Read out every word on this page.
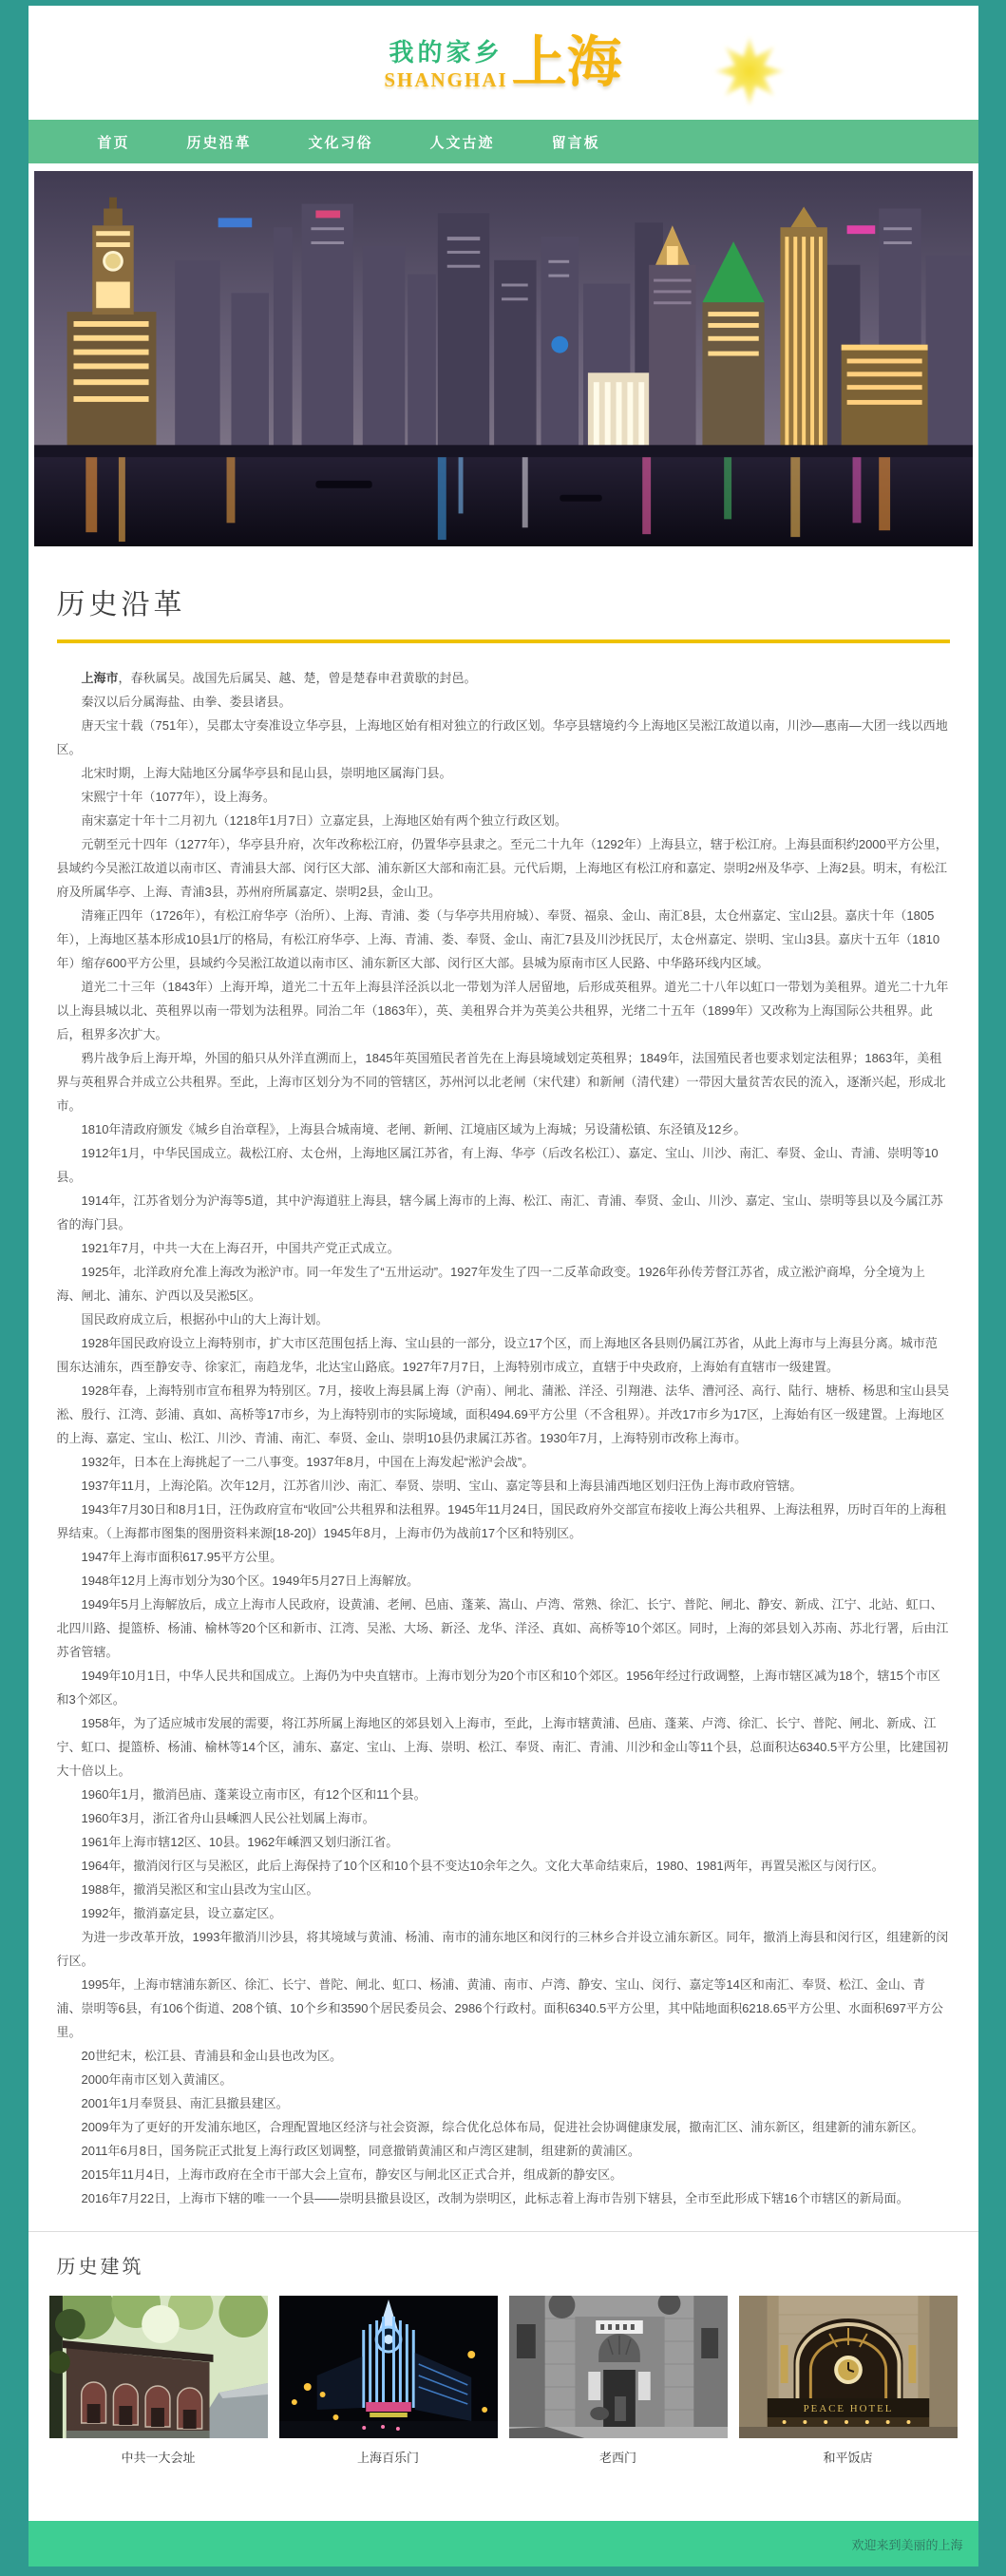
我的家乡
SHANGHAI 上海
首页	历史沿革	文化习俗	人文古迹	留言板
历史沿革

上海市，春秋属吴。战国先后属吴、越、楚，曾是楚春申君黄歇的封邑。

秦汉以后分属海盐、由拳、娄县诸县。

唐天宝十载（751年），吴郡太守奏准设立华亭县，上海地区始有相对独立的行政区划。华亭县辖境约今上海地区吴淞江故道以南，川沙—惠南—大团一线以西地区。

北宋时期，上海大陆地区分属华亭县和昆山县，崇明地区属海门县。

宋熙宁十年（1077年），设上海务。

南宋嘉定十年十二月初九（1218年1月7日）立嘉定县，上海地区始有两个独立行政区划。

元朝至元十四年（1277年），华亭县升府，次年改称松江府，仍置华亭县隶之。至元二十九年（1292年）上海县立，辖于松江府。上海县面积约2000平方公里，县域约今吴淞江故道以南市区、青浦县大部、闵行区大部、浦东新区大部和南汇县。元代后期，上海地区有松江府和嘉定、崇明2州及华亭、上海2县。明末，有松江府及所属华亭、上海、青浦3县，苏州府所属嘉定、崇明2县，金山卫。

清雍正四年（1726年），有松江府华亭（治所）、上海、青浦、娄（与华亭共用府城）、奉贤、福泉、金山、南汇8县，太仓州嘉定、宝山2县。嘉庆十年（1805年），上海地区基本形成10县1厅的格局，有松江府华亭、上海、青浦、娄、奉贤、金山、南汇7县及川沙抚民厅，太仓州嘉定、崇明、宝山3县。嘉庆十五年（1810年）缩存600平方公里，县域约今吴淞江故道以南市区、浦东新区大部、闵行区大部。县城为原南市区人民路、中华路环线内区域。

道光二十三年（1843年）上海开埠，道光二十五年上海县洋泾浜以北一带划为洋人居留地，后形成英租界。道光二十八年以虹口一带划为美租界。道光二十九年以上海县城以北、英租界以南一带划为法租界。同治二年（1863年），英、美租界合并为英美公共租界，光绪二十五年（1899年）又改称为上海国际公共租界。此后，租界多次扩大。

鸦片战争后上海开埠，外国的船只从外洋直溯而上，1845年英国殖民者首先在上海县境域划定英租界；1849年，法国殖民者也要求划定法租界；1863年，美租界与英租界合并成立公共租界。至此，上海市区划分为不同的管辖区，苏州河以北老闸（宋代建）和新闸（清代建）一带因大量贫苦农民的流入，逐渐兴起，形成北市。

1810年清政府颁发《城乡自治章程》，上海县合城南境、老闸、新闸、江境庙区域为上海城；另设蒲松镇、东泾镇及12乡。

1912年1月，中华民国成立。裁松江府、太仓州，上海地区属江苏省，有上海、华亭（后改名松江）、嘉定、宝山、川沙、南汇、奉贤、金山、青浦、崇明等10县。

1914年，江苏省划分为沪海等5道，其中沪海道驻上海县，辖今属上海市的上海、松江、南汇、青浦、奉贤、金山、川沙、嘉定、宝山、崇明等县以及今属江苏省的海门县。

1921年7月，中共一大在上海召开，中国共产党正式成立。

1925年，北洋政府允准上海改为淞沪市。同一年发生了“五卅运动”。1927年发生了四一二反革命政变。1926年孙传芳督江苏省，成立淞沪商埠，分全境为上海、闸北、浦东、沪西以及吴淞5区。

国民政府成立后，根据孙中山的大上海计划。

1928年国民政府设立上海特别市，扩大市区范围包括上海、宝山县的一部分，设立17个区，而上海地区各县则仍属江苏省，从此上海市与上海县分离。城市范围东达浦东，西至静安寺、徐家汇，南趋龙华，北达宝山路底。1927年7月7日，上海特别市成立，直辖于中央政府，上海始有直辖市一级建置。

1928年春，上海特别市宣布租界为特别区。7月，接收上海县属上海（沪南）、闸北、蒲淞、洋泾、引翔港、法华、漕河泾、高行、陆行、塘桥、杨思和宝山县吴淞、殷行、江湾、彭浦、真如、高桥等17市乡，为上海特别市的实际境域，面积494.69平方公里（不含租界）。并改17市乡为17区，上海始有区一级建置。上海地区的上海、嘉定、宝山、松江、川沙、青浦、南汇、奉贤、金山、崇明10县仍隶属江苏省。1930年7月，上海特别市改称上海市。

1932年，日本在上海挑起了一二八事变。1937年8月，中国在上海发起“淞沪会战”。

1937年11月，上海沦陷。次年12月，江苏省川沙、南汇、奉贤、崇明、宝山、嘉定等县和上海县浦西地区划归汪伪上海市政府管辖。

1943年7月30日和8月1日，汪伪政府宣布“收回”公共租界和法租界。1945年11月24日，国民政府外交部宣布接收上海公共租界、上海法租界，历时百年的上海租界结束。（上海都市图集的图册资料来源[18-20]）1945年8月，上海市仍为战前17个区和特别区。

1947年上海市面积617.95平方公里。

1948年12月上海市划分为30个区。1949年5月27日上海解放。

1949年5月上海解放后，成立上海市人民政府，设黄浦、老闸、邑庙、蓬莱、嵩山、卢湾、常熟、徐汇、长宁、普陀、闸北、静安、新成、江宁、北站、虹口、北四川路、提篮桥、杨浦、榆林等20个区和新市、江湾、吴淞、大场、新泾、龙华、洋泾、真如、高桥等10个郊区。同时，上海的郊县划入苏南、苏北行署，后由江苏省管辖。

1949年10月1日，中华人民共和国成立。上海仍为中央直辖市。上海市划分为20个市区和10个郊区。1956年经过行政调整，上海市辖区减为18个，辖15个市区和3个郊区。

1958年，为了适应城市发展的需要，将江苏所属上海地区的郊县划入上海市，至此，上海市辖黄浦、邑庙、蓬莱、卢湾、徐汇、长宁、普陀、闸北、新成、江宁、虹口、提篮桥、杨浦、榆林等14个区，浦东、嘉定、宝山、上海、崇明、松江、奉贤、南汇、青浦、川沙和金山等11个县，总面积达6340.5平方公里，比建国初大十倍以上。

1960年1月，撤消邑庙、蓬莱设立南市区，有12个区和11个县。

1960年3月，浙江省舟山县嵊泗人民公社划属上海市。

1961年上海市辖12区、10县。1962年嵊泗又划归浙江省。

1964年，撤消闵行区与吴淞区，此后上海保持了10个区和10个县不变达10余年之久。文化大革命结束后，1980、1981两年，再置吴淞区与闵行区。

1988年，撤消吴淞区和宝山县改为宝山区。

1992年，撤消嘉定县，设立嘉定区。

为进一步改革开放，1993年撤消川沙县，将其境域与黄浦、杨浦、南市的浦东地区和闵行的三林乡合并设立浦东新区。同年，撤消上海县和闵行区，组建新的闵行区。

1995年，上海市辖浦东新区、徐汇、长宁、普陀、闸北、虹口、杨浦、黄浦、南市、卢湾、静安、宝山、闵行、嘉定等14区和南汇、奉贤、松江、金山、青浦、崇明等6县，有106个街道、208个镇、10个乡和3590个居民委员会、2986个行政村。面积6340.5平方公里，其中陆地面积6218.65平方公里、水面积697平方公里。

20世纪末，松江县、青浦县和金山县也改为区。

2000年南市区划入黄浦区。

2001年1月奉贤县、南汇县撤县建区。

2009年为了更好的开发浦东地区，合理配置地区经济与社会资源，综合优化总体布局，促进社会协调健康发展，撤南汇区、浦东新区，组建新的浦东新区。

2011年6月8日，国务院正式批复上海行政区划调整，同意撤销黄浦区和卢湾区建制，组建新的黄浦区。

2015年11月4日，上海市政府在全市干部大会上宣布，静安区与闸北区正式合并，组成新的静安区。

2016年7月22日，上海市下辖的唯一一个县——崇明县撤县设区，改制为崇明区，此标志着上海市告别下辖县，全市至此形成下辖16个市辖区的新局面。

历史建筑
中共一大会址	上海百乐门	老西门
PEACE HOTEL
和平饭店
欢迎来到美丽的上海
